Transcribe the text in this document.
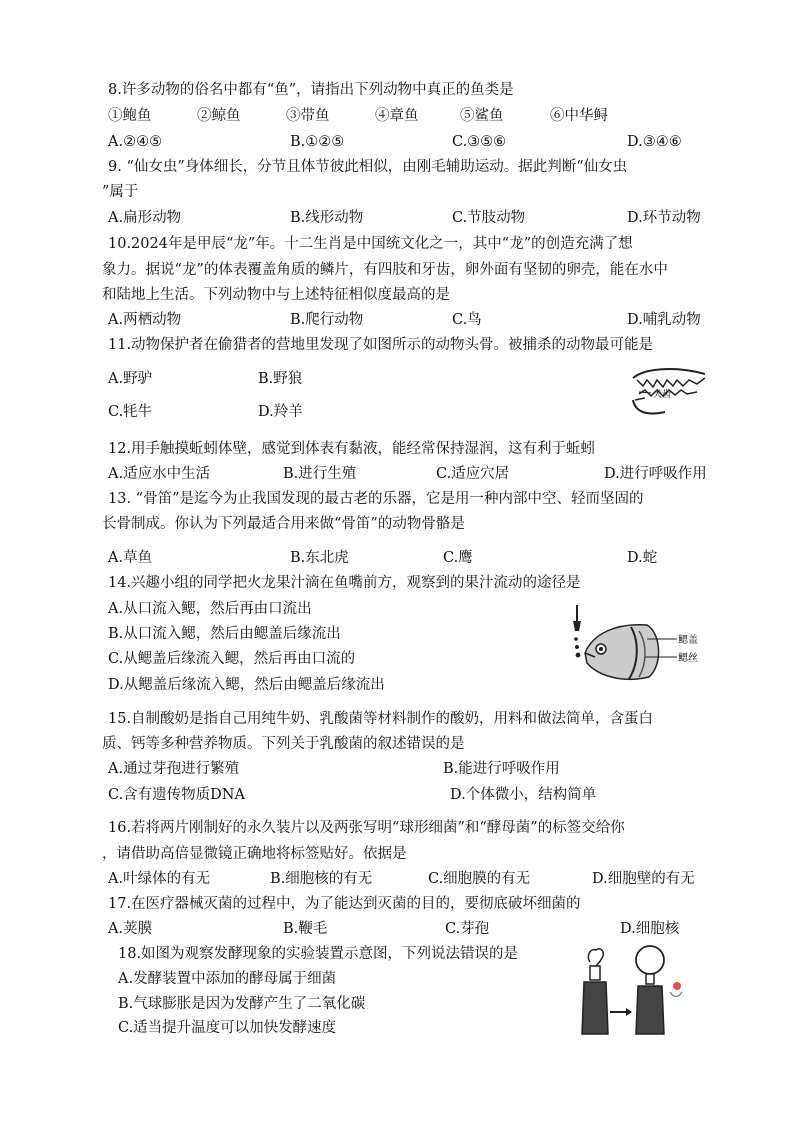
8.许多动物的俗名中都有“鱼”，请指出下列动物中真正的鱼类是
①鲍鱼	②鲸鱼	③带鱼	④章鱼	⑤鲨鱼	⑥中华鲟
A.②④⑤	B.①②⑤	C.③⑤⑥	D.③④⑥
9. “仙女虫”身体细长，分节且体节彼此相似，由刚毛辅助运动。据此判断“仙女虫
”属于
A.扁形动物	B.线形动物	C.节肢动物	D.环节动物
10.2024年是甲辰“龙”年。十二生肖是中国统文化之一，其中“龙”的创造充满了想
象力。据说“龙”的体表覆盖角质的鳞片，有四肢和牙齿，卵外面有坚韧的卵壳，能在水中
和陆地上生活。下列动物中与上述特征相似度最高的是
A.两栖动物	B.爬行动物	C.鸟	D.哺乳动物
11.动物保护者在偷猎者的营地里发现了如图所示的动物头骨。被捕杀的动物最可能是
A.野驴	B.野狼
C.牦牛	D.羚羊
犬齿
12.用手触摸蚯蚓体壁，感觉到体表有黏液，能经常保持湿润，这有利于蚯蚓
A.适应水中生活	B.进行生殖	C.适应穴居	D.进行呼吸作用
13. “骨笛”是迄今为止我国发现的最古老的乐器，它是用一种内部中空、轻而坚固的
长骨制成。你认为下列最适合用来做“骨笛”的动物骨骼是
A.草鱼	B.东北虎	C.鹰	D.蛇
14.兴趣小组的同学把火龙果汁滴在鱼嘴前方，观察到的果汁流动的途径是
A.从口流入鳃，然后再由口流出
B.从口流入鳃，然后由鳃盖后缘流出
C.从鳃盖后缘流入鳃，然后再由口流的
D.从鳃盖后缘流入鳃，然后由鳃盖后缘流出
鳃盖
鳃丝
15.自制酸奶是指自己用纯牛奶、乳酸菌等材料制作的酸奶，用料和做法简单，含蛋白
质、钙等多种营养物质。下列关于乳酸菌的叙述错误的是
A.通过芽孢进行繁殖	B.能进行呼吸作用
C.含有遗传物质DNA	D.个体微小，结构简单
16.若将两片刚制好的永久装片以及两张写明“球形细菌”和“酵母菌”的标签交给你
，请借助高倍显微镜正确地将标签贴好。依据是
A.叶绿体的有无	B.细胞核的有无	C.细胞膜的有无	D.细胞壁的有无
17.在医疗器械灭菌的过程中，为了能达到灭菌的目的，要彻底破坏细菌的
A.荚膜	B.鞭毛	C.芽孢	D.细胞核
18.如图为观察发酵现象的实验装置示意图，下列说法错误的是
A.发酵装置中添加的酵母属于细菌
B.气球膨胀是因为发酵产生了二氧化碳
C.适当提升温度可以加快发酵速度
